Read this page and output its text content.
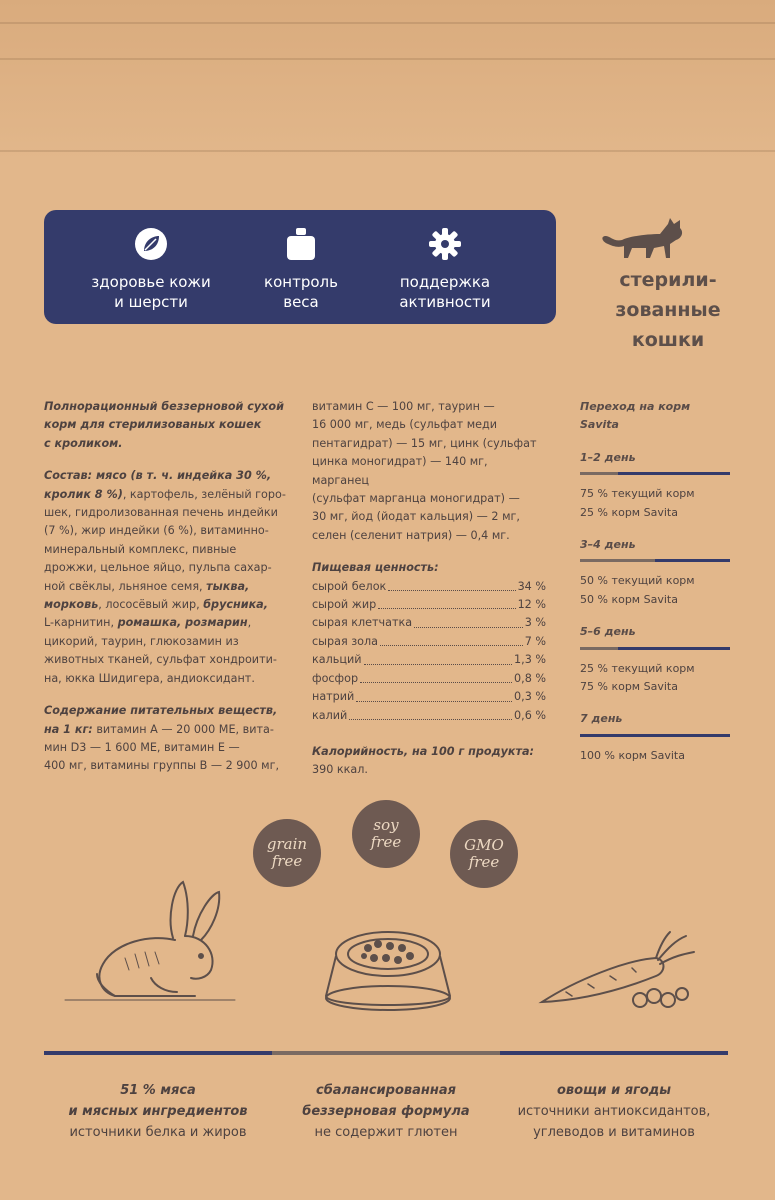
здоровье кожи
и шерсти
контроль
веса
поддержка
активности
стерили-
зованные
кошки

Полнорационный беззерновой сухой
корм для стерилизованых кошек
с кроликом.

Состав: мясо (в т. ч. индейка 30 %,
кролик 8 %), картофель, зелёный горо-
шек, гидролизованная печень индейки
(7 %), жир индейки (6 %), витаминно-
минеральный комплекс, пивные
дрожжи, цельное яйцо, пульпа сахар-
ной свёклы, льняное семя, тыква,
морковь, лососёвый жир, брусника,
L-карнитин, ромашка, розмарин,
цикорий, таурин, глюкозамин из
животных тканей, сульфат хондроити-
на, юкка Шидигера, андиоксидант.

Содержание питательных веществ,
на 1 кг: витамин А — 20 000 МЕ, вита-
мин D3 — 1 600 МЕ, витамин Е —
400 мг, витамины группы В — 2 900 мг,

витамин С — 100 мг, таурин —
16 000 мг, медь (сульфат меди
пентагидрат) — 15 мг, цинк (сульфат
цинка моногидрат) — 140 мг, марганец
(сульфат марганца моногидрат) —
30 мг, йод (йодат кальция) — 2 мг,
селен (селенит натрия) — 0,4 мг.

Пищевая ценность:
сырой белок	34 %
сырой жир	12 %
сырая клетчатка	3 %
сырая зола	7 %
кальций	1,3 %
фосфор	0,8 %
натрий	0,3 %
калий	0,6 %
Калорийность, на 100 г продукта:
390 ккал.
Переход на корм Savita
1–2 день
75 % текущий корм
25 % корм Savita
3–4 день
50 % текущий корм
50 % корм Savita
5–6 день
25 % текущий корм
75 % корм Savita
7 день
100 % корм Savita
grain
free
soy
free	GMO
free
51 % мяса
и мясных ингредиентов
источники белка и жиров
сбалансированная
беззерновая формула
не содержит глютен
овощи и ягоды
источники антиоксидантов,
углеводов и витаминов
